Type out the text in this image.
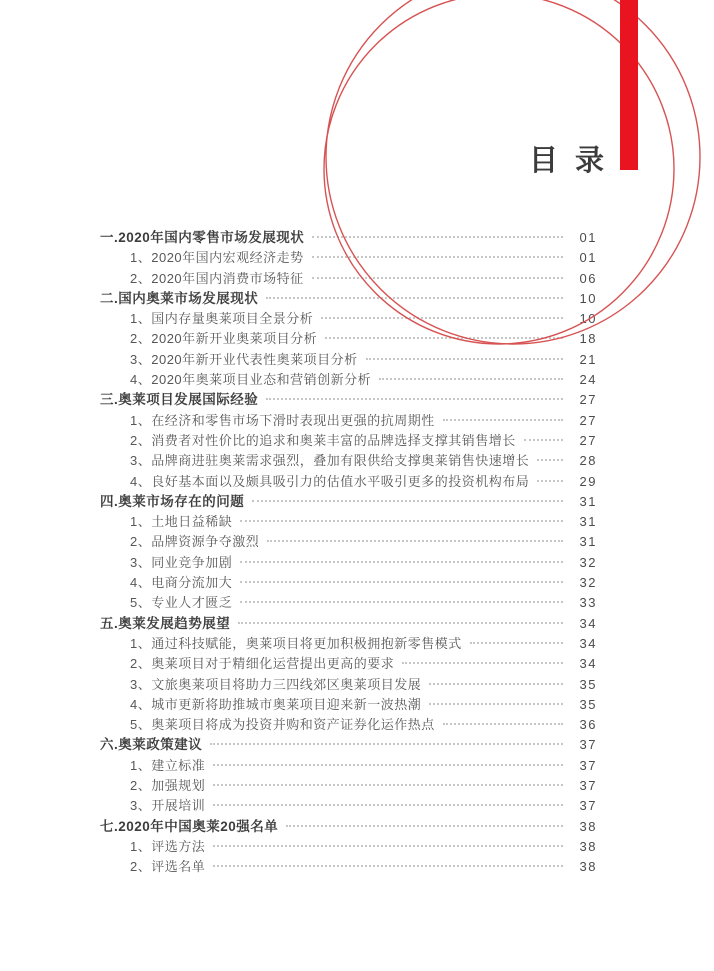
目 录
一.2020年国内零售市场发展现状	01
1、2020年国内宏观经济走势	01
2、2020年国内消费市场特征	06
二.国内奥莱市场发展现状	10
1、国内存量奥莱项目全景分析	10
2、2020年新开业奥莱项目分析	18
3、2020年新开业代表性奥莱项目分析	21
4、2020年奥莱项目业态和营销创新分析	24
三.奥莱项目发展国际经验	27
1、在经济和零售市场下滑时表现出更强的抗周期性	27
2、消费者对性价比的追求和奥莱丰富的品牌选择支撑其销售增长	27
3、品牌商进驻奥莱需求强烈，叠加有限供给支撑奥莱销售快速增长	28
4、良好基本面以及颇具吸引力的估值水平吸引更多的投资机构布局	29
四.奥莱市场存在的问题	31
1、土地日益稀缺	31
2、品牌资源争夺激烈	31
3、同业竞争加剧	32
4、电商分流加大	32
5、专业人才匮乏	33
五.奥莱发展趋势展望	34
1、通过科技赋能，奥莱项目将更加积极拥抱新零售模式	34
2、奥莱项目对于精细化运营提出更高的要求	34
3、文旅奥莱项目将助力三四线郊区奥莱项目发展	35
4、城市更新将助推城市奥莱项目迎来新一波热潮	35
5、奥莱项目将成为投资并购和资产证券化运作热点	36
六.奥莱政策建议	37
1、建立标准	37
2、加强规划	37
3、开展培训	37
七.2020年中国奥莱20强名单	38
1、评选方法	38
2、评选名单	38
